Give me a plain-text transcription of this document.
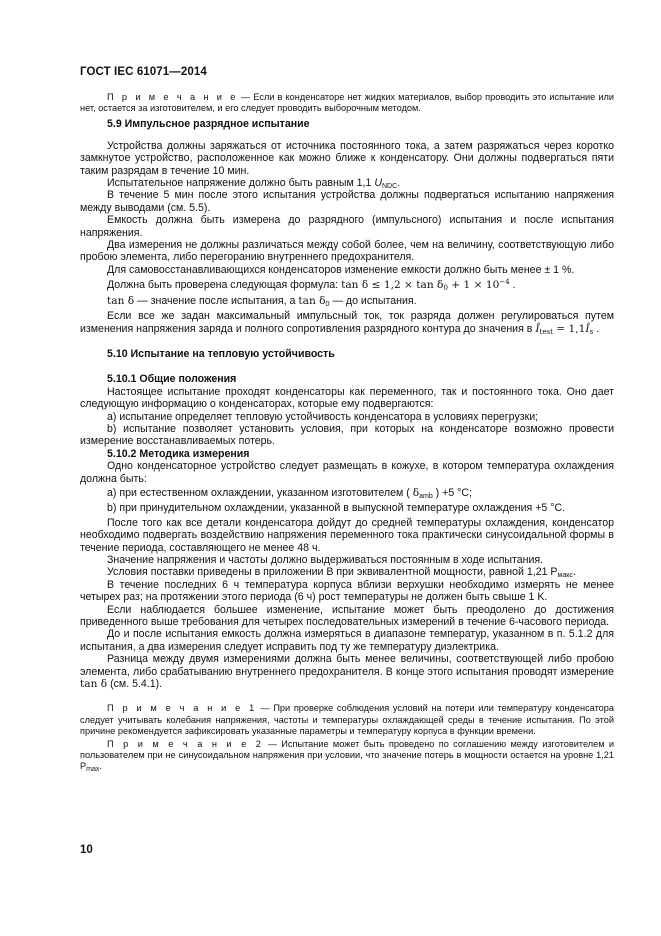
ГОСТ IEC 61071—2014

П р и м е ч а н и е — Если в конденсаторе нет жидких материалов, выбор проводить это испытание или нет, остается за изготовителем, и его следует проводить выборочным методом.

5.9 Импульсное разрядное испытание

Устройства должны заряжаться от источника постоянного тока, а затем разряжаться через коротко замкнутое устройство, расположенное как можно ближе к конденсатору. Они должны подвергаться пяти таким разрядам в течение 10 мин.

Испытательное напряжение должно быть равным 1,1 $U_{NDC}$.

В течение 5 мин после этого испытания устройства должны подвергаться испытанию напряжения между выводами (см. 5.5).

Емкость должна быть измерена до разрядного (импульсного) испытания и после испытания напряжения.

Два измерения не должны различаться между собой более, чем на величину, соответствующую либо пробою элемента, либо перегоранию внутреннего предохранителя.

Для самовосстанавливающихся конденсаторов изменение емкости должно быть менее ± 1 %.

Должна быть проверена следующая формула: $\tan \delta \le 1,2 \times \tan \delta_0 + 1 \times 10^{-4}$ .

tan δ — значение после испытания, а $\tan \delta_0$ — до испытания.

Если все же задан максимальный импульсный ток, ток разряда должен регулироваться путем изменения напряжения заряда и полного сопротивления разрядного контура до значения в $Î_{test}$ = $1,1Î_s$ .

5.10 Испытание на тепловую устойчивость

5.10.1 Общие положения

Настоящее испытание проходят конденсаторы как переменного, так и постоянного тока. Оно дает следующую информацию о конденсаторах, которые ему подвергаются:

а) испытание определяет тепловую устойчивость конденсатора в условиях перегрузки;

b) испытание позволяет установить условия, при которых на конденсаторе возможно провести измерение восстанавливаемых потерь.

5.10.2 Методика измерения

Одно конденсаторное устройство следует размещать в кожухе, в котором температура охлаждения должна быть:

а) при естественном охлаждении, указанном изготовителем ( $\delta_{amb}$ ) +5 °С;

b) при принудительном охлаждении, указанной в выпускной температуре охлаждения +5 °С.

После того как все детали конденсатора дойдут до средней температуры охлаждения, конденсатор необходимо подвергать воздействию напряжения переменного тока практически синусоидальной формы в течение периода, составляющего не менее 48 ч.

Значение напряжения и частоты должно выдерживаться постоянным в ходе испытания.

Условия поставки приведены в приложении В при эквивалентной мощности, равной 1,21 $P_{макс}$.

В течение последних 6 ч температура корпуса вблизи верхушки необходимо измерять не менее четырех раз; на протяжении этого периода (6 ч) рост температуры не должен быть свыше 1 K.

Если наблюдается большее изменение, испытание может быть преодолено до достижения приведенного выше требования для четырех последовательных измерений в течение 6-часового периода.

До и после испытания емкость должна измеряться в диапазоне температур, указанном в п. 5.1.2 для испытания, а два измерения следует исправить под ту же температуру диэлектрика.

Разница между двумя измерениями должна быть менее величины, соответствующей либо пробою элемента, либо срабатыванию внутреннего предохранителя. В конце этого испытания проводят измерение tan δ (см. 5.4.1).

П р и м е ч а н и е 1 — При проверке соблюдения условий на потери или температуру конденсатора следует учитывать колебания напряжения, частоты и температуры охлаждающей среды в течение испытания. По этой причине рекомендуется зафиксировать указанные параметры и температуру корпуса в функции времени.

П р и м е ч а н и е 2 — Испытание может быть проведено по соглашению между изготовителем и пользователем при не синусоидальном напряжения при условии, что значение потерь в мощности остается на уровне 1,21 $P_{max}$.

10
